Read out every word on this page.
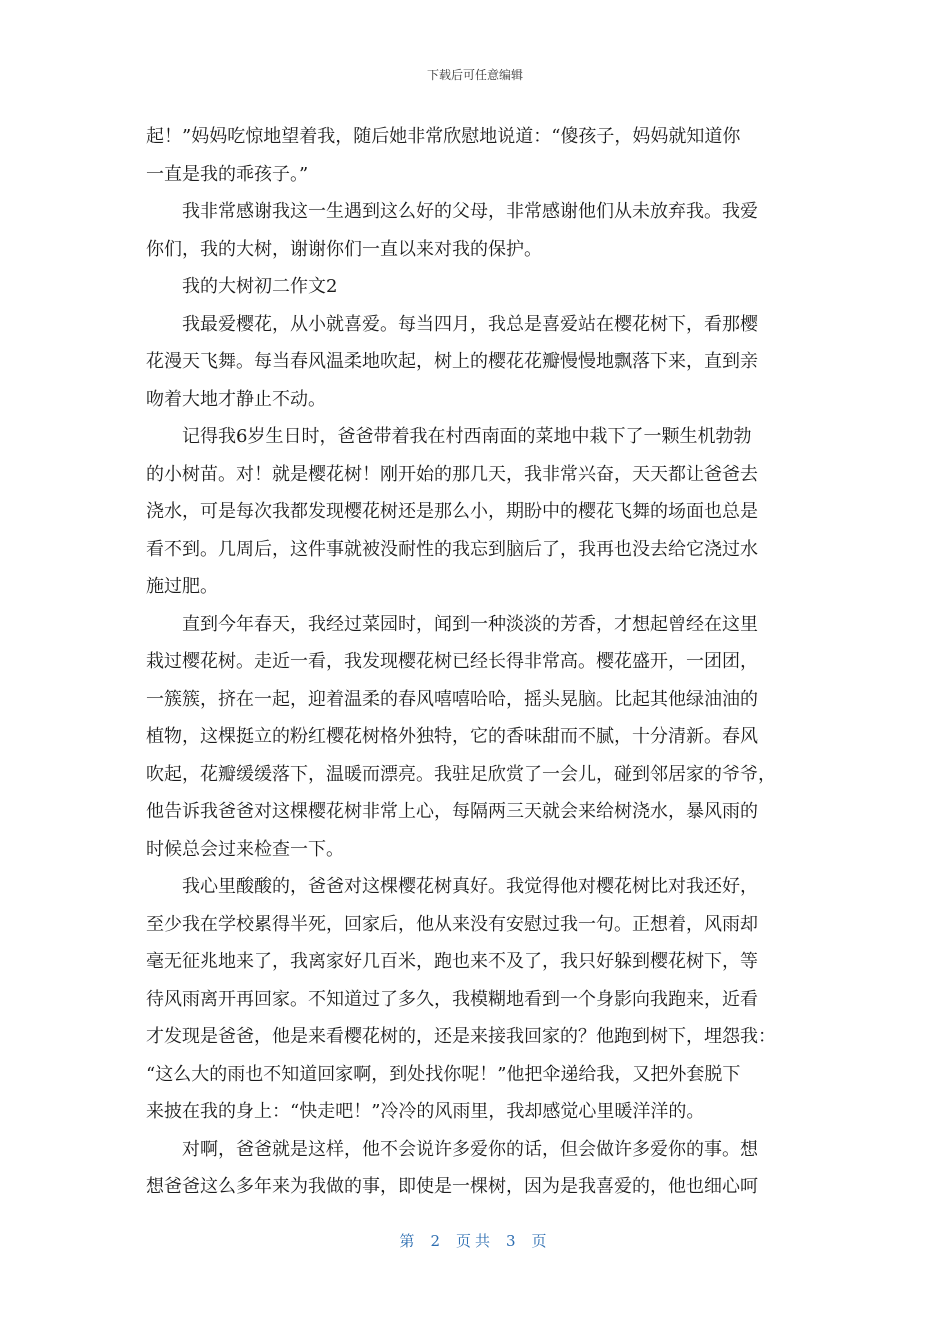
下载后可任意编辑
起！”妈妈吃惊地望着我，随后她非常欣慰地说道：“傻孩子，妈妈就知道你
一直是我的乖孩子。”
我非常感谢我这一生遇到这么好的父母，非常感谢他们从未放弃我。我爱
你们，我的大树，谢谢你们一直以来对我的保护。
我的大树初二作文2
我最爱樱花，从小就喜爱。每当四月，我总是喜爱站在樱花树下，看那樱
花漫天飞舞。每当春风温柔地吹起，树上的樱花花瓣慢慢地飘落下来，直到亲
吻着大地才静止不动。
记得我6岁生日时，爸爸带着我在村西南面的菜地中栽下了一颗生机勃勃
的小树苗。对！就是樱花树！刚开始的那几天，我非常兴奋，天天都让爸爸去
浇水，可是每次我都发现樱花树还是那么小，期盼中的樱花飞舞的场面也总是
看不到。几周后，这件事就被没耐性的我忘到脑后了，我再也没去给它浇过水
施过肥。
直到今年春天，我经过菜园时，闻到一种淡淡的芳香，才想起曾经在这里
栽过樱花树。走近一看，我发现樱花树已经长得非常高。樱花盛开，一团团，
一簇簇，挤在一起，迎着温柔的春风嘻嘻哈哈，摇头晃脑。比起其他绿油油的
植物，这棵挺立的粉红樱花树格外独特，它的香味甜而不腻，十分清新。春风
吹起，花瓣缓缓落下，温暖而漂亮。我驻足欣赏了一会儿，碰到邻居家的爷爷，
他告诉我爸爸对这棵樱花树非常上心，每隔两三天就会来给树浇水，暴风雨的
时候总会过来检查一下。
我心里酸酸的，爸爸对这棵樱花树真好。我觉得他对樱花树比对我还好，
至少我在学校累得半死，回家后，他从来没有安慰过我一句。正想着，风雨却
毫无征兆地来了，我离家好几百米，跑也来不及了，我只好躲到樱花树下，等
待风雨离开再回家。不知道过了多久，我模糊地看到一个身影向我跑来，近看
才发现是爸爸，他是来看樱花树的，还是来接我回家的？他跑到树下，埋怨我：
“这么大的雨也不知道回家啊，到处找你呢！”他把伞递给我，又把外套脱下
来披在我的身上：“快走吧！”冷冷的风雨里，我却感觉心里暖洋洋的。
对啊，爸爸就是这样，他不会说许多爱你的话，但会做许多爱你的事。想
想爸爸这么多年来为我做的事，即使是一棵树，因为是我喜爱的，他也细心呵
第 2 页共 3 页
